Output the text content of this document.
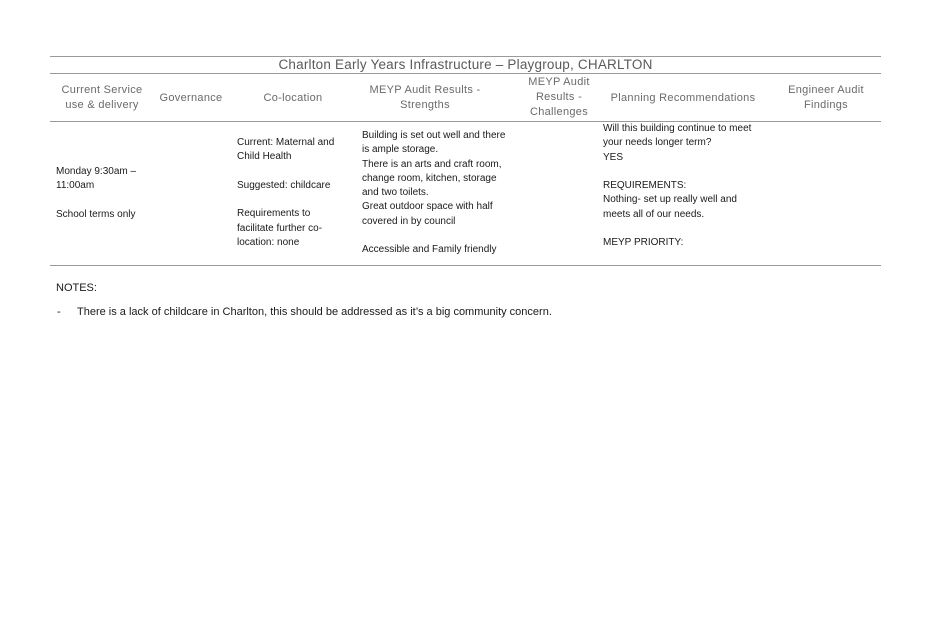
Charlton Early Years Infrastructure – Playgroup, CHARLTON
Current Service use & delivery
Governance	Co-location
MEYP Audit Results - Strengths
MEYP Audit Results - Challenges
Planning Recommendations
Engineer Audit Findings

Monday 9:30am – 11:00am

School terms only

Current: Maternal and Child Health

Suggested: childcare

Requirements to facilitate further co-location: none

Building is set out well and there is ample storage.

There is an arts and craft room, change room, kitchen, storage and two toilets.

Great outdoor space with half covered in by council

Accessible and Family friendly

Will this building continue to meet your needs longer term?

YES

REQUIREMENTS:

Nothing- set up really well and meets all of our needs.

MEYP PRIORITY:

NOTES:
- There is a lack of childcare in Charlton, this should be addressed as it’s a big community concern.
